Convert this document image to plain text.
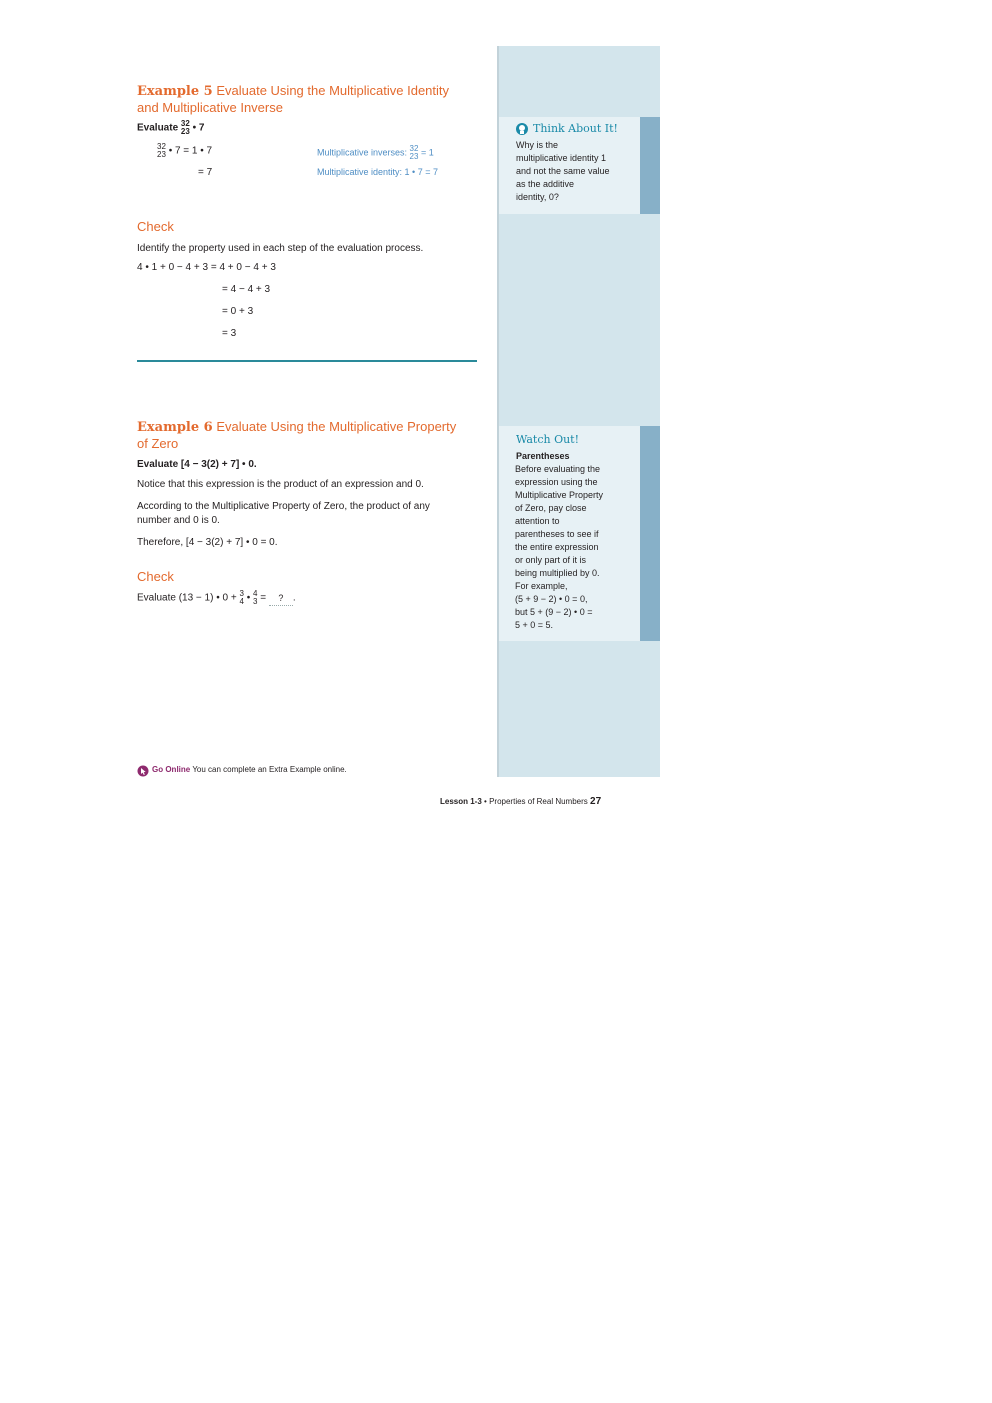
Think About It!
Why is the
multiplicative identity 1
and not the same value
as the additive
identity, 0?
Watch Out!
Parentheses
Before evaluating the
expression using the
Multiplicative Property
of Zero, pay close
attention to
parentheses to see if
the entire expression
or only part of it is
being multiplied by 0.
For example,
(5 + 9 − 2) • 0 = 0,
but 5 + (9 − 2) • 0 =
5 + 0 = 5.
Example 5 Evaluate Using the Multiplicative Identity
and Multiplicative Inverse
Evaluate 3
2
2
3 • 7
3
2
2
3 • 7 = 1 • 7	Multiplicative inverses: 3
2
2
3 = 1
= 7	Multiplicative identity: 1 • 7 = 7
Check
Identify the property used in each step of the evaluation process.
4 • 1 + 0 − 4 + 3 = 4 + 0 − 4 + 3
= 4 − 4 + 3
= 0 + 3
= 3
Example 6 Evaluate Using the Multiplicative Property
of Zero
Evaluate [4 − 3(2) + 7] • 0.
Notice that this expression is the product of an expression and 0.
According to the Multiplicative Property of Zero, the product of any
number and 0 is 0.
Therefore, [4 − 3(2) + 7] • 0 = 0.
Check
Evaluate (13 − 1) • 0 + 3
4 • 4
3 = ? .
Go Online You can complete an Extra Example online.
Lesson 1-3 • Properties of Real Numbers 27
